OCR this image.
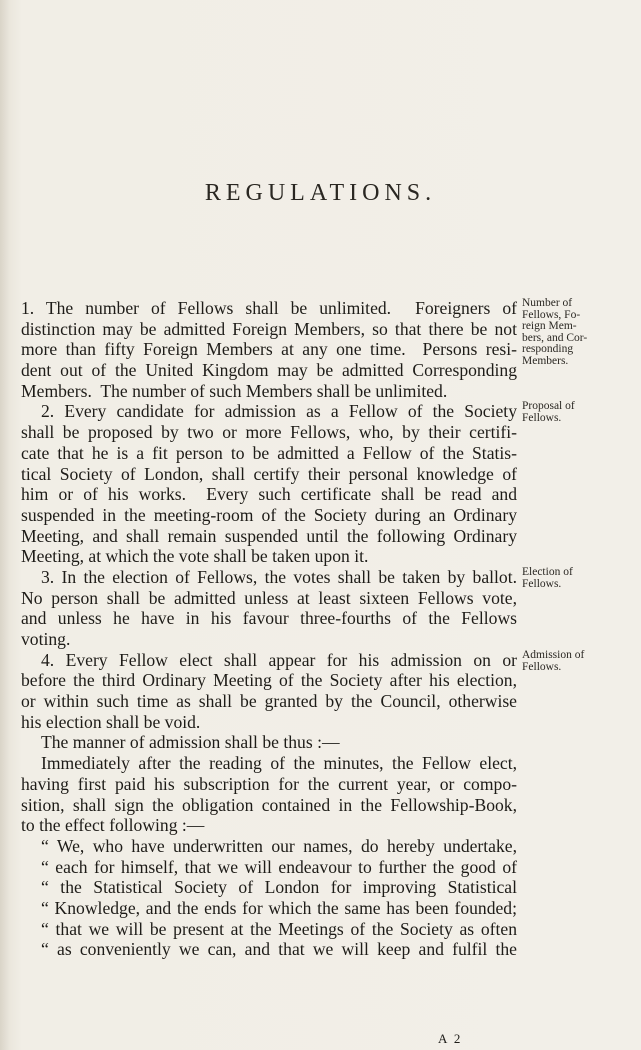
REGULATIONS.
1. The number of Fellows shall be unlimited.  Foreigners of
distinction may be admitted Foreign Members, so that there be not
more than fifty Foreign Members at any one time.  Persons resi-
dent out of the United Kingdom may be admitted Corresponding
Members.  The number of such Members shall be unlimited.
2. Every candidate for admission as a Fellow of the Society
shall be proposed by two or more Fellows, who, by their certifi-
cate that he is a fit person to be admitted a Fellow of the Statis-
tical Society of London, shall certify their personal knowledge of
him or of his works.  Every such certificate shall be read and
suspended in the meeting-room of the Society during an Ordinary
Meeting, and shall remain suspended until the following Ordinary
Meeting, at which the vote shall be taken upon it.
3. In the election of Fellows, the votes shall be taken by ballot.
No person shall be admitted unless at least sixteen Fellows vote,
and unless he have in his favour three-fourths of the Fellows
voting.
4. Every Fellow elect shall appear for his admission on or
before the third Ordinary Meeting of the Society after his election,
or within such time as shall be granted by the Council, otherwise
his election shall be void.
The manner of admission shall be thus :—
Immediately after the reading of the minutes, the Fellow elect,
having first paid his subscription for the current year, or compo-
sition, shall sign the obligation contained in the Fellowship-Book,
to the effect following :—
“ We, who have underwritten our names, do hereby undertake,
“ each for himself, that we will endeavour to further the good of
“ the Statistical Society of London for improving Statistical
“ Knowledge, and the ends for which the same has been founded;
“ that we will be present at the Meetings of the Society as often
“ as conveniently we can, and that we will keep and fulfil the
Number of
Fellows, Fo-
reign Mem-
bers, and Cor-
responding
Members.
Proposal of
Fellows.
Election of
Fellows.
Admission of
Fellows.
A 2
